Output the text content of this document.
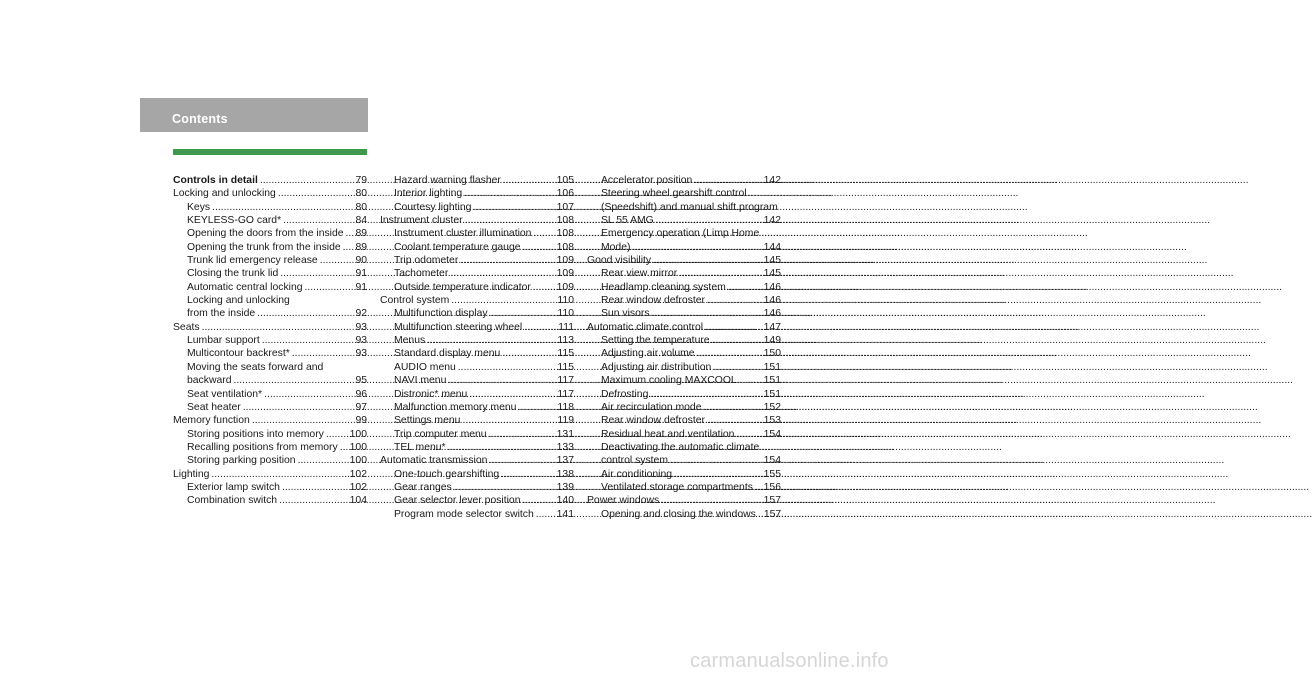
Contents
Controls in detail .....	79
Locking and unlocking .....	80
Keys .....	80
KEYLESS-GO card* .....	84
Opening the doors from the inside ..... 89
Opening the trunk from the inside ..... 89
Trunk lid emergency release .....	90
Closing the trunk lid .....	91
Automatic central locking .....	91
Locking and unlocking
from the inside .....	92
Seats .....	93
Lumbar support .....	93
Multicontour backrest* .....	93
Moving the seats forward and
backward .....	95
Seat ventilation* .....	96
Seat heater .....	97
Memory function .....	99
Storing positions into memory ..... 100
Recalling positions from memory ..... 100
Storing parking position .....	100
Lighting .....	102
Exterior lamp switch .....	102
Combination switch .....	104
Hazard warning flasher .....	105
Interior lighting .....	106
Courtesy lighting .....	107
Instrument cluster .....	108
Instrument cluster illumination ..... 108
Coolant temperature gauge .....	108
Trip odometer .....	109
Tachometer .....	109
Outside temperature indicator ..... 109
Control system .....	110
Multifunction display .....	110
Multifunction steering wheel .....	111
Menus .....	113
Standard display menu .....	115
AUDIO menu .....	115
NAVI menu .....	117
Distronic* menu .....	117
Malfunction memory menu .....	118
Settings menu .....	119
Trip computer menu .....	131
TEL menu* .....	133
Automatic transmission .....	137
One-touch gearshifting .....	138
Gear ranges .....	139
Gear selector lever position .....	140
Program mode selector switch ..... 141
Accelerator position .....	142
Steering wheel gearshift control
(Speedshift) and manual shift program
SL 55 AMG .....	142
Emergency operation (Limp Home
Mode) .....	144
Good visibility .....	145
Rear view mirror .....	145
Headlamp cleaning system .....	146
Rear window defroster .....	146
Sun visors .....	146
Automatic climate control .....	147
Setting the temperature .....	149
Adjusting air volume .....	150
Adjusting air distribution .....	151
Maximum cooling MAXCOOL .....	151
Defrosting .....	151
Air recirculation mode .....	152
Rear window defroster .....	153
Residual heat and ventilation .....	154
Deactivating the automatic climate
control system .....	154
Air conditioning .....	155
Ventilated storage compartments ..... 156
Power windows .....	157
Opening and closing the windows ..... 157
carmanualsonline.info
